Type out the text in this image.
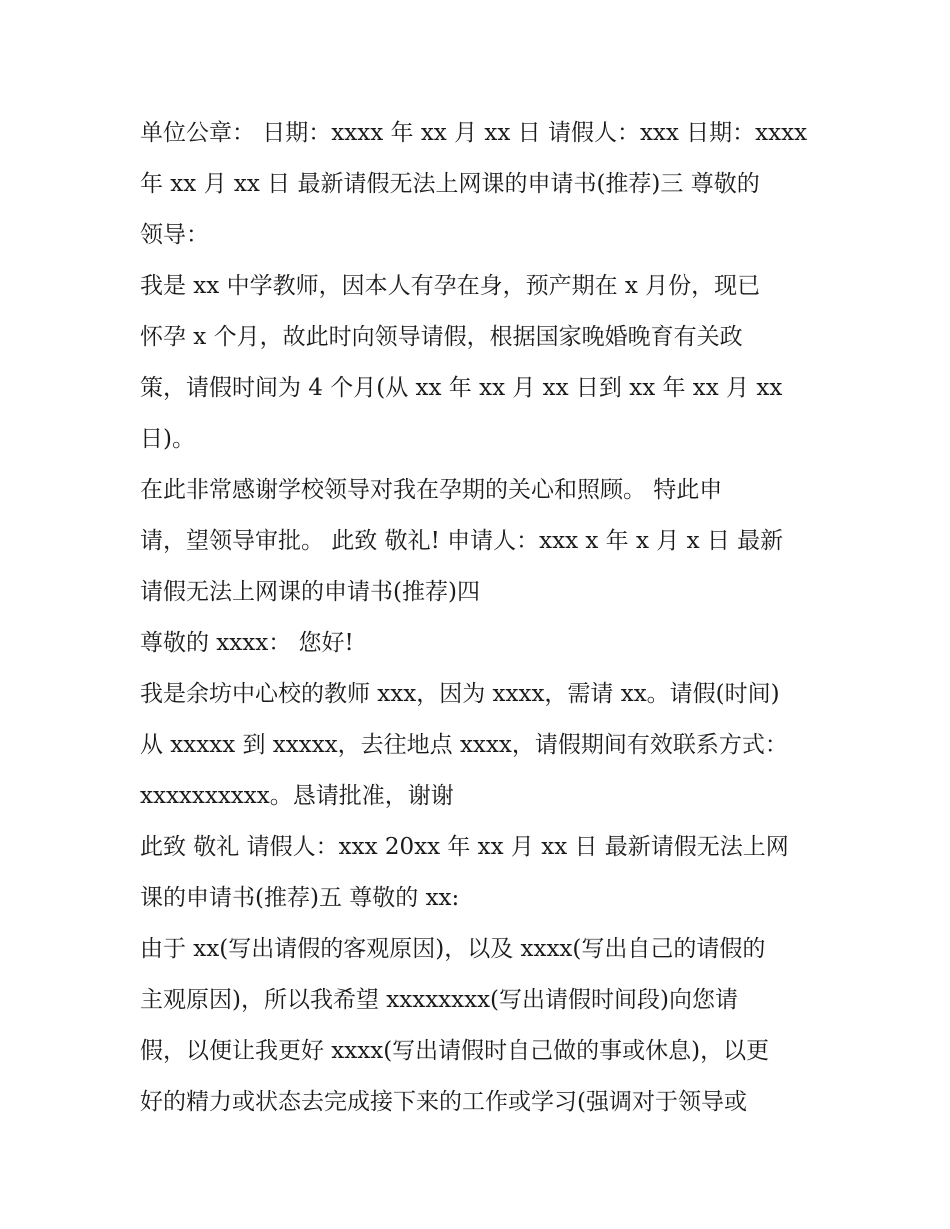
单位公章： 日期：xxxx 年 xx 月 xx 日 请假人：xxx 日期：xxxx
年 xx 月 xx 日 最新请假无法上网课的申请书(推荐)三 尊敬的
领导：
我是 xx 中学教师，因本人有孕在身，预产期在 x 月份，现已
怀孕 x 个月，故此时向领导请假，根据国家晚婚晚育有关政
策，请假时间为 4 个月(从 xx 年 xx 月 xx 日到 xx 年 xx 月 xx
日)。
在此非常感谢学校领导对我在孕期的关心和照顾。 特此申
请，望领导审批。 此致 敬礼! 申请人：xxx x 年 x 月 x 日 最新
请假无法上网课的申请书(推荐)四
尊敬的 xxxx： 您好!
我是余坊中心校的教师 xxx，因为 xxxx，需请 xx。请假(时间)
从 xxxxx 到 xxxxx，去往地点 xxxx，请假期间有效联系方式：
xxxxxxxxxx。恳请批准，谢谢
此致 敬礼 请假人：xxx 20xx 年 xx 月 xx 日 最新请假无法上网
课的申请书(推荐)五 尊敬的 xx:
由于 xx(写出请假的客观原因)，以及 xxxx(写出自己的请假的
主观原因)，所以我希望 xxxxxxxx(写出请假时间段)向您请
假，以便让我更好 xxxx(写出请假时自己做的事或休息)，以更
好的精力或状态去完成接下来的工作或学习(强调对于领导或
